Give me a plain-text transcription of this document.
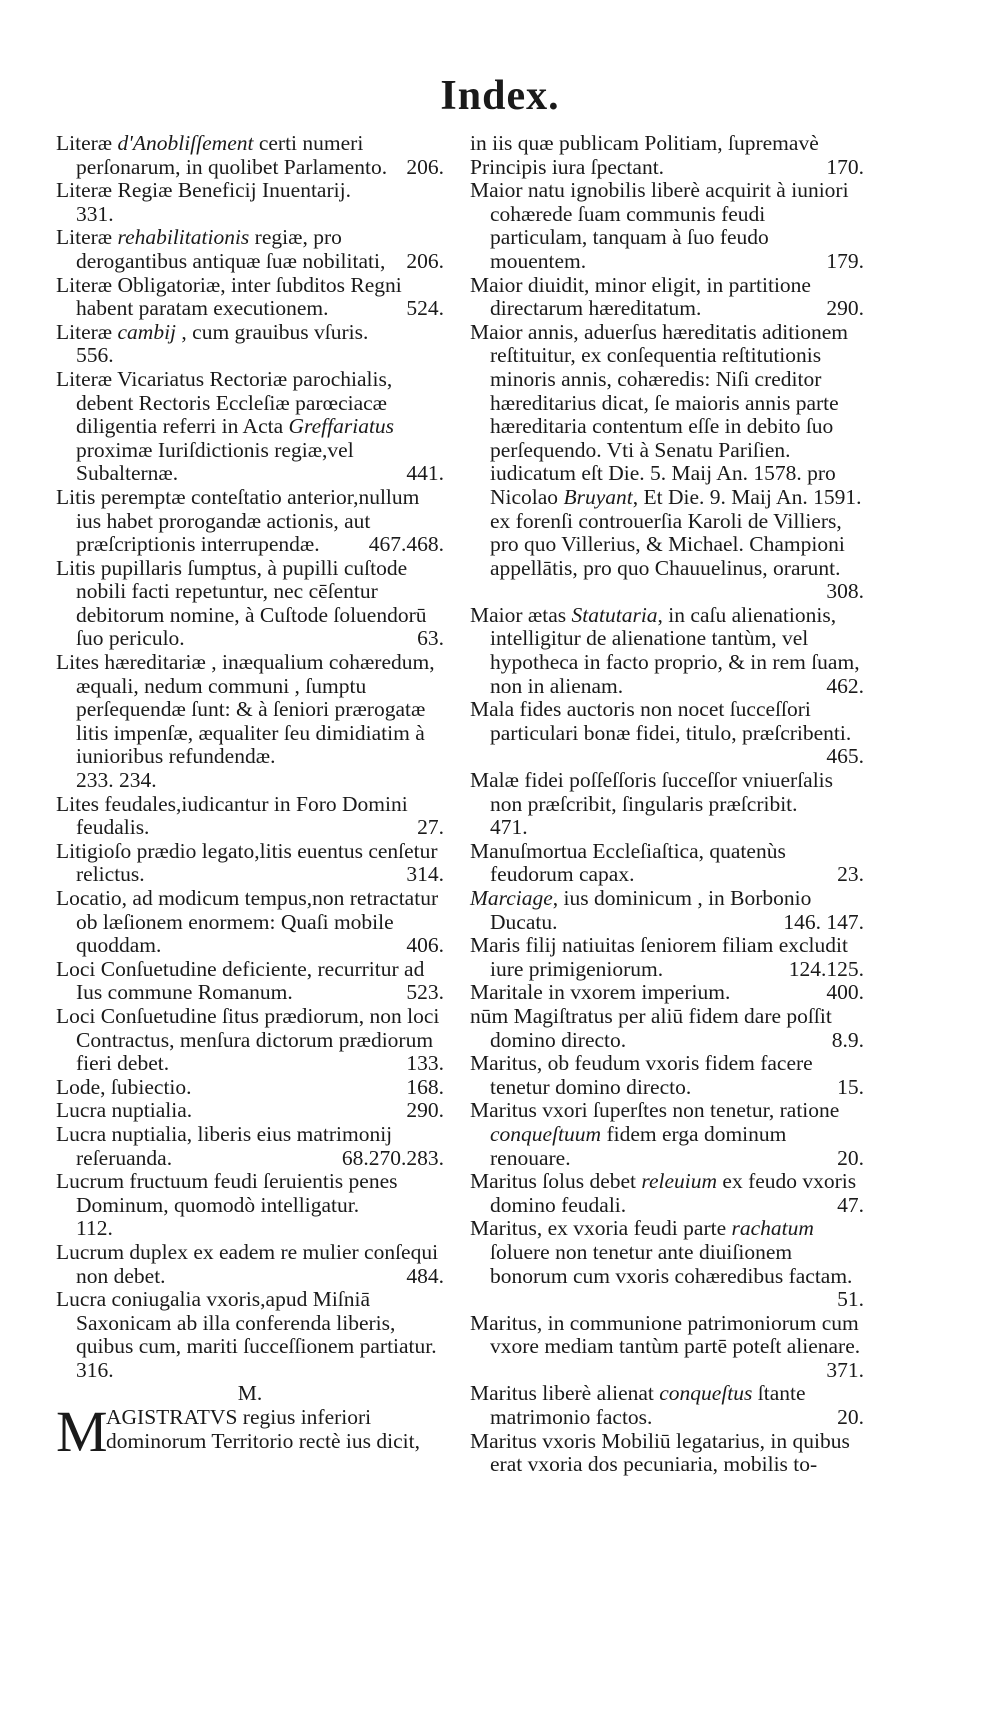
Index.

Literæ d'Anobliſſement certi numeri perſonarum, in quolibet Parlamento. 206.

Literæ Regiæ Beneficij Inuentarij.
331.

Literæ rehabilitationis regiæ, pro derogantibus antiquæ ſuæ nobilitati, 206.

Literæ Obligatoriæ, inter ſubditos Regni habent paratam executionem.	524.

Literæ cambij , cum grauibus vſuris.
556.

Literæ Vicariatus Rectoriæ parochialis, debent Rectoris Eccleſiæ parœciacæ diligentia referri in Acta Greffariatus proximæ Iuriſdictionis regiæ,vel Subalternæ.	441.

Litis peremptæ conteſtatio anterior,nullum ius habet prorogandæ actionis, aut præſcriptionis interrupendæ. 467.468.

Litis pupillaris ſumptus, à pupilli cuſtode nobili facti repetuntur, nec cēſentur debitorum nomine, à Cuſtode ſoluendorū ſuo periculo.	63.

Lites hæreditariæ , inæqualium cohæredum, æquali, nedum communi , ſumptu perſequendæ ſunt: & à ſeniori prærogatæ litis impenſæ, æqualiter ſeu dimidiatim à iunioribus refundendæ.
233. 234.

Lites feudales,iudicantur in Foro Domini feudalis.	27.

Litigioſo prædio legato,litis euentus cenſetur relictus.	314.

Locatio, ad modicum tempus,non retractatur ob læſionem enormem: Quaſi mobile quoddam.	406.

Loci Conſuetudine deficiente, recurritur ad Ius commune Romanum.	523.

Loci Conſuetudine ſitus prædiorum, non loci Contractus, menſura dictorum prædiorum fieri debet.	133.

Lode, ſubiectio.	168.

Lucra nuptialia.	290.

Lucra nuptialia, liberis eius matrimonij reſeruanda.	68.270.283.

Lucrum fructuum feudi ſeruientis penes Dominum, quomodò intelligatur.
112.

Lucrum duplex ex eadem re mulier conſequi non debet.	484.

Lucra coniugalia vxoris,apud Miſniā Saxonicam ab illa conferenda liberis, quibus cum, mariti ſucceſſionem partiatur.
316.

M.

M
AGISTRATVS regius inferiori dominorum Territorio rectè ius dicit,

in iis quæ publicam Politiam, ſupremavè Principis iura ſpectant.	170.

Maior natu ignobilis liberè acquirit à iuniori cohærede ſuam communis feudi particulam, tanquam à ſuo feudo mouentem.	179.

Maior diuidit, minor eligit, in partitione directarum hæreditatum.	290.

Maior annis, aduerſus hæreditatis aditionem reſtituitur, ex conſequentia reſtitutionis minoris annis, cohæredis: Niſi creditor hæreditarius dicat, ſe maioris annis parte hæreditaria contentum eſſe in debito ſuo perſequendo. Vti à Senatu Pariſien. iudicatum eſt Die. 5. Maij An. 1578. pro Nicolao Bruyant, Et Die. 9. Maij An. 1591. ex forenſi controuerſia Karoli de Villiers, pro quo Villerius, & Michael. Championi appellātis, pro quo Chauuelinus, orarunt.
308.

Maior ætas Statutaria, in caſu alienationis, intelligitur de alienatione tantùm, vel hypotheca in facto proprio, & in rem ſuam, non in alienam.	462.

Mala fides auctoris non nocet ſucceſſori particulari bonæ fidei, titulo, præſcribenti.
465.

Malæ fidei poſſeſſoris ſucceſſor vniuerſalis non præſcribit, ſingularis præſcribit.
471.

Manuſmortua Eccleſiaſtica, quatenùs feudorum capax.	23.

Marciage, ius dominicum , in Borbonio Ducatu.	146. 147.

Maris filij natiuitas ſeniorem filiam excludit iure primigeniorum.	124.125.

Maritale in vxorem imperium.	400.

nūm Magiſtratus per aliū fidem dare poſſit domino directo.	8.9.

Maritus, ob feudum vxoris fidem facere tenetur domino directo.	15.

Maritus vxori ſuperſtes non tenetur, ratione conqueſtuum fidem erga dominum renouare.	20.

Maritus ſolus debet releuium ex feudo vxoris domino feudali.	47.

Maritus, ex vxoria feudi parte rachatum ſoluere non tenetur ante diuiſionem bonorum cum vxoris cohæredibus factam.
51.

Maritus, in communione patrimoniorum cum vxore mediam tantùm partē poteſt alienare.
371.

Maritus liberè alienat conqueſtus ſtante matrimonio factos.	20.

Maritus vxoris Mobiliū legatarius, in quibus erat vxoria dos pecuniaria, mobilis to-
